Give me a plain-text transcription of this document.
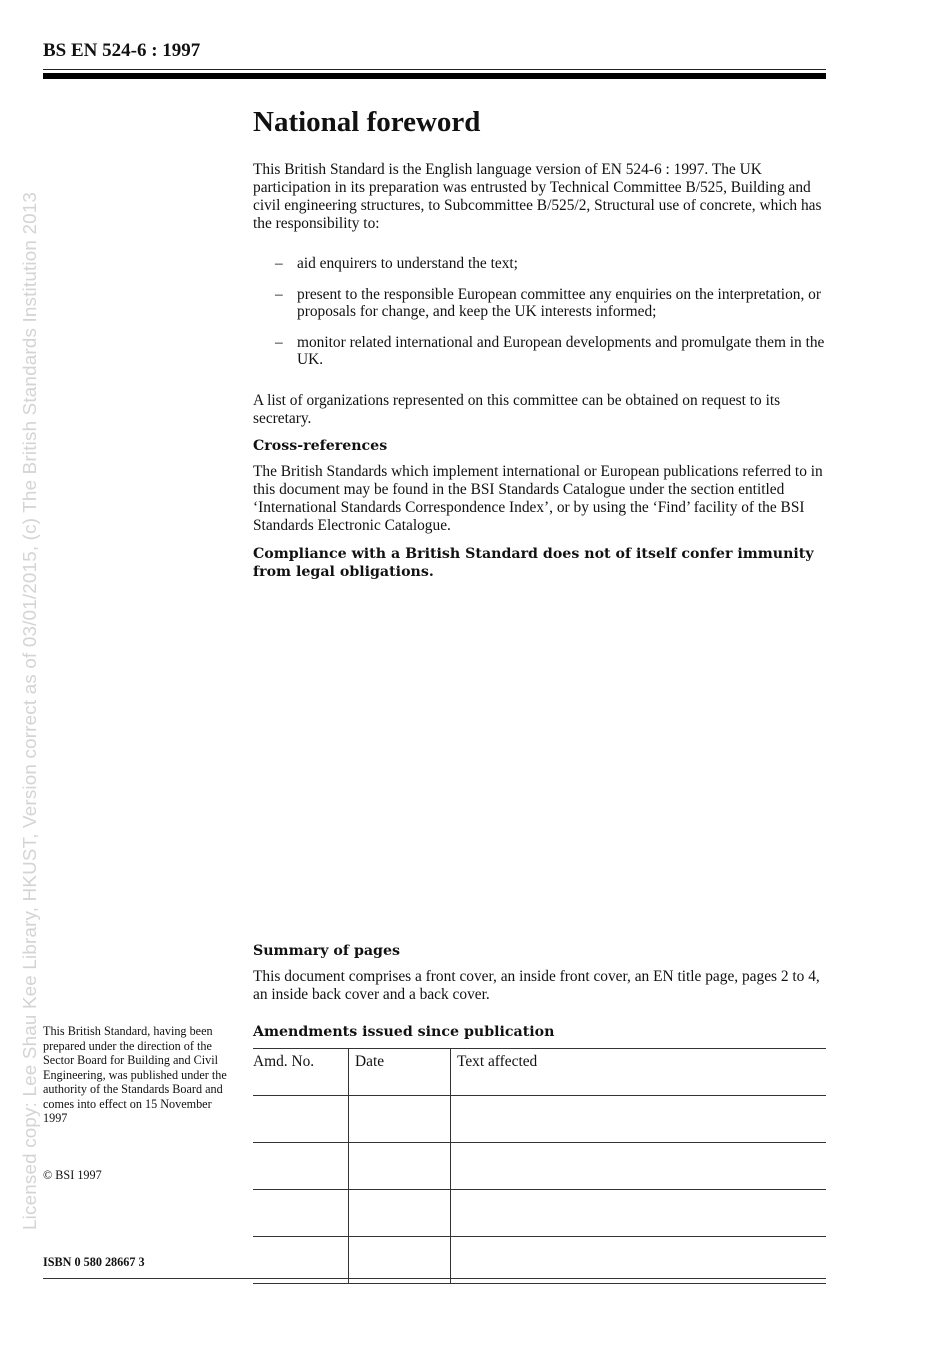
BS EN 524-6 : 1997
Licensed copy: Lee Shau Kee Library, HKUST, Version correct as of 03/01/2015, (c) The British Standards Institution 2013
National foreword

This British Standard is the English language version of EN 524-6 : 1997. The UK participation in its preparation was entrusted by Technical Committee B/525, Building and civil engineering structures, to Subcommittee B/525/2, Structural use of concrete, which has the responsibility to:

– aid enquirers to understand the text;
– present to the responsible European committee any enquiries on the interpretation, or proposals for change, and keep the UK interests informed;
– monitor related international and European developments and promulgate them in the UK.

A list of organizations represented on this committee can be obtained on request to its secretary.

Cross-references

The British Standards which implement international or European publications referred to in this document may be found in the BSI Standards Catalogue under the section entitled ‘International Standards Correspondence Index’, or by using the ‘Find’ facility of the BSI Standards Electronic Catalogue.

Compliance with a British Standard does not of itself confer immunity from legal obligations.

Summary of pages

This document comprises a front cover, an inside front cover, an EN title page, pages 2 to 4, an inside back cover and a back cover.

Amendments issued since publication
Amd. No.	Date	Text affected

This British Standard, having been prepared under the direction of the Sector Board for Building and Civil Engineering, was published under the authority of the Standards Board and comes into effect on 15 November 1997
© BSI 1997
ISBN 0 580 28667 3
